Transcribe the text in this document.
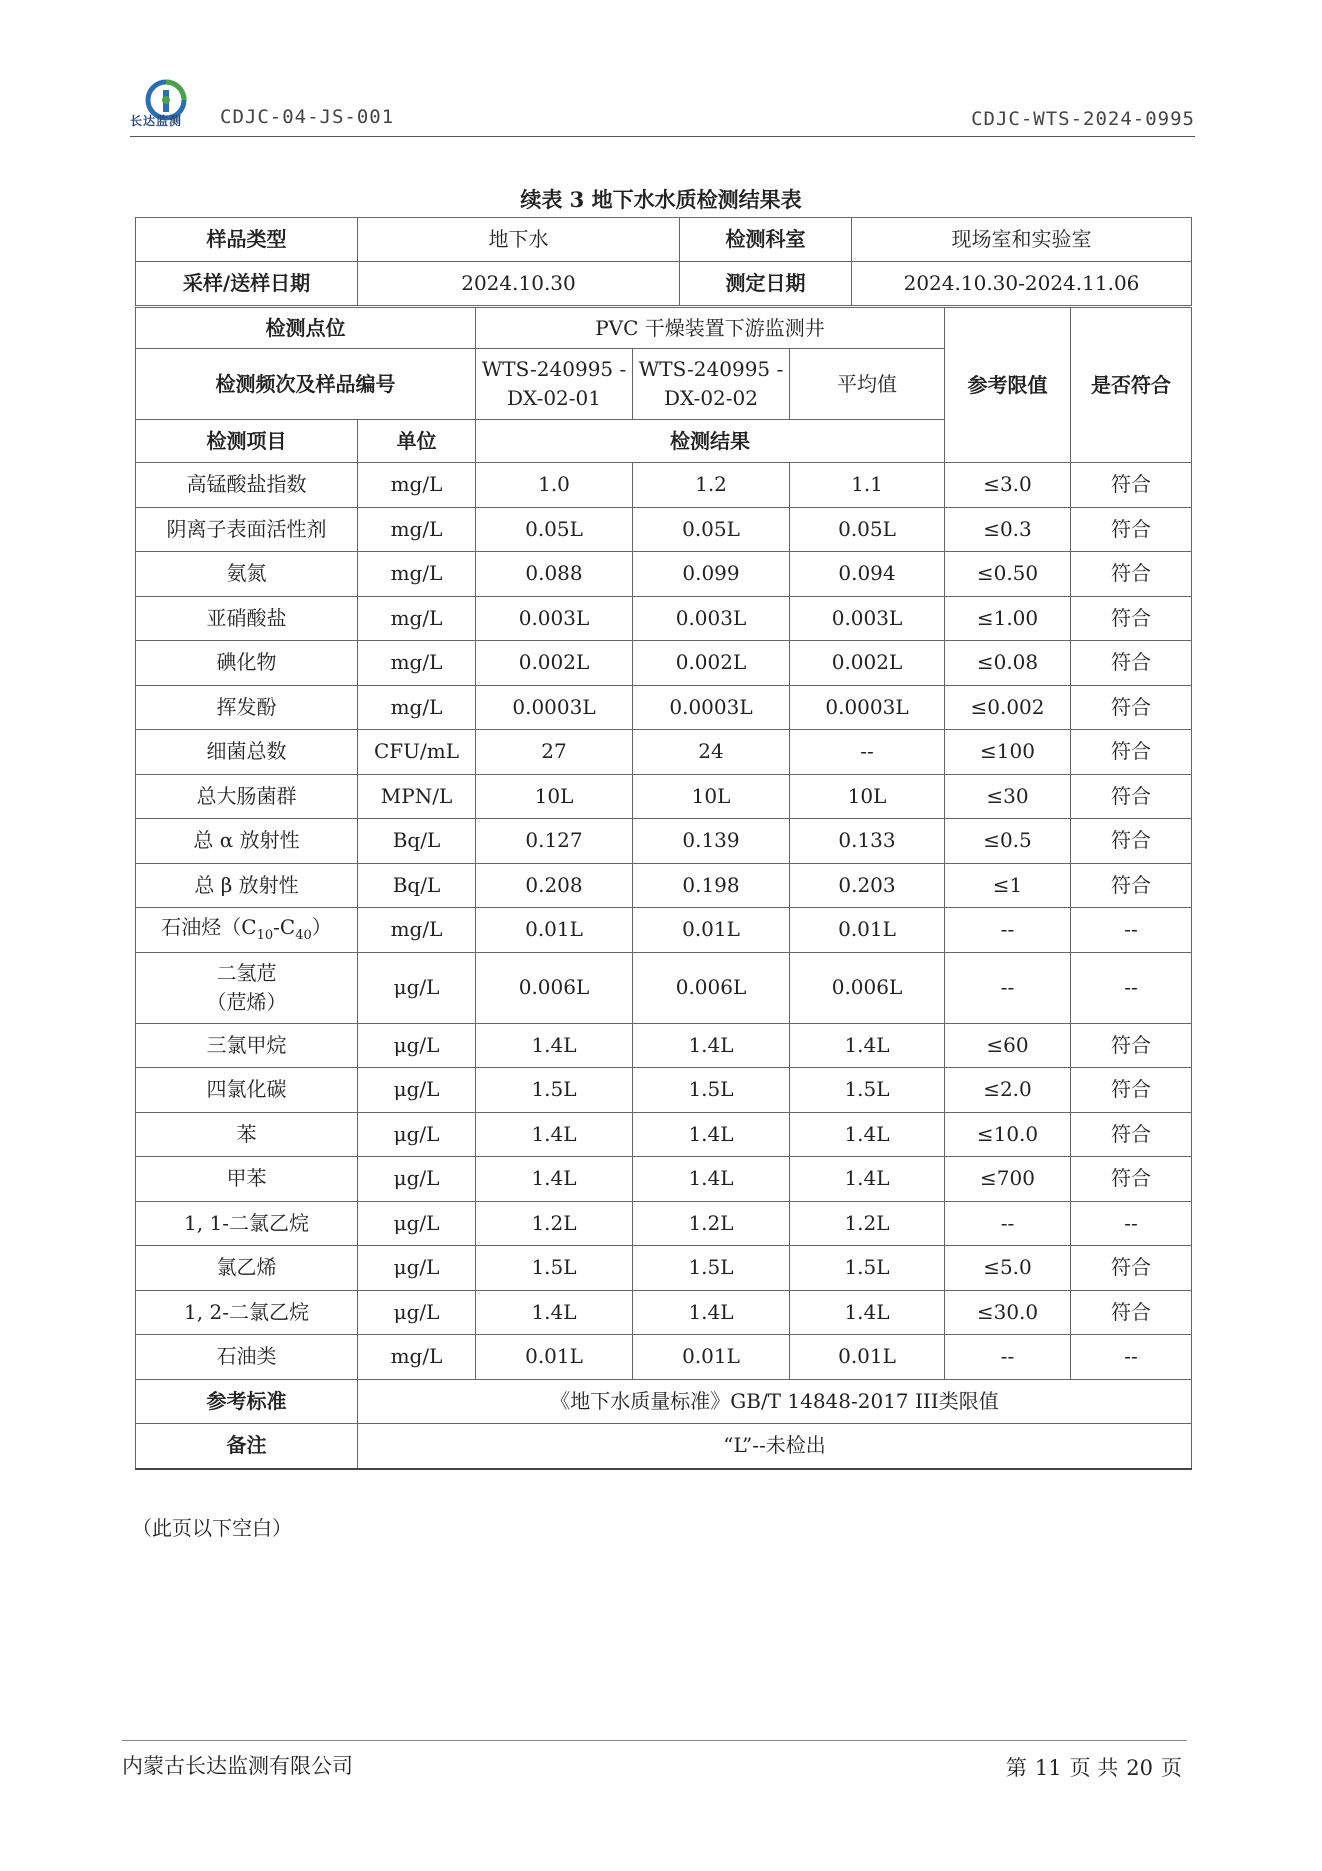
长达监测 CDJC-04-JS-001	CDJC-WTS-2024-0995
续表 3 地下水水质检测结果表
样品类型	地下水	检测科室	现场室和实验室
采样/送样日期	2024.10.30	测定日期	2024.10.30-2024.11.06
检测点位		PVC 干燥装置下游监测井			参考限值	是否符合
检测频次及样品编号		WTS-240995 -DX-02-01	WTS-240995 -DX-02-02	平均值		
检测项目	单位	检测结果				
高锰酸盐指数	mg/L	1.0	1.2	1.1	≤3.0	符合
阴离子表面活性剂	mg/L	0.05L	0.05L	0.05L	≤0.3	符合
氨氮	mg/L	0.088	0.099	0.094	≤0.50	符合
亚硝酸盐	mg/L	0.003L	0.003L	0.003L	≤1.00	符合
碘化物	mg/L	0.002L	0.002L	0.002L	≤0.08	符合
挥发酚	mg/L	0.0003L	0.0003L	0.0003L	≤0.002	符合
细菌总数	CFU/mL	27	24	--	≤100	符合
总大肠菌群	MPN/L	10L	10L	10L	≤30	符合
总 α 放射性	Bq/L	0.127	0.139	0.133	≤0.5	符合
总 β 放射性	Bq/L	0.208	0.198	0.203	≤1	符合
石油烃$(C_{10}-C_{40})$	mg/L	0.01L	0.01L	0.01L	--	--

二氢苊
（苊烯）	μg/L	0.006L	0.006L	0.006L	--	--
三氯甲烷	μg/L	1.4L	1.4L	1.4L	≤60	符合
四氯化碳	μg/L	1.5L	1.5L	1.5L	≤2.0	符合
苯	μg/L	1.4L	1.4L	1.4L	≤10.0	符合
甲苯	μg/L	1.4L	1.4L	1.4L	≤700	符合
1, 1-二氯乙烷	μg/L	1.2L	1.2L	1.2L	--	--
氯乙烯	μg/L	1.5L	1.5L	1.5L	≤5.0	符合
1, 2-二氯乙烷	μg/L	1.4L	1.4L	1.4L	≤30.0	符合
石油类	mg/L	0.01L	0.01L	0.01L	--	--
参考标准	《地下水质量标准》GB/T 14848-2017 III类限值					
备注	“L”--未检出					
（此页以下空白）
内蒙古长达监测有限公司	第 11 页 共 20 页
